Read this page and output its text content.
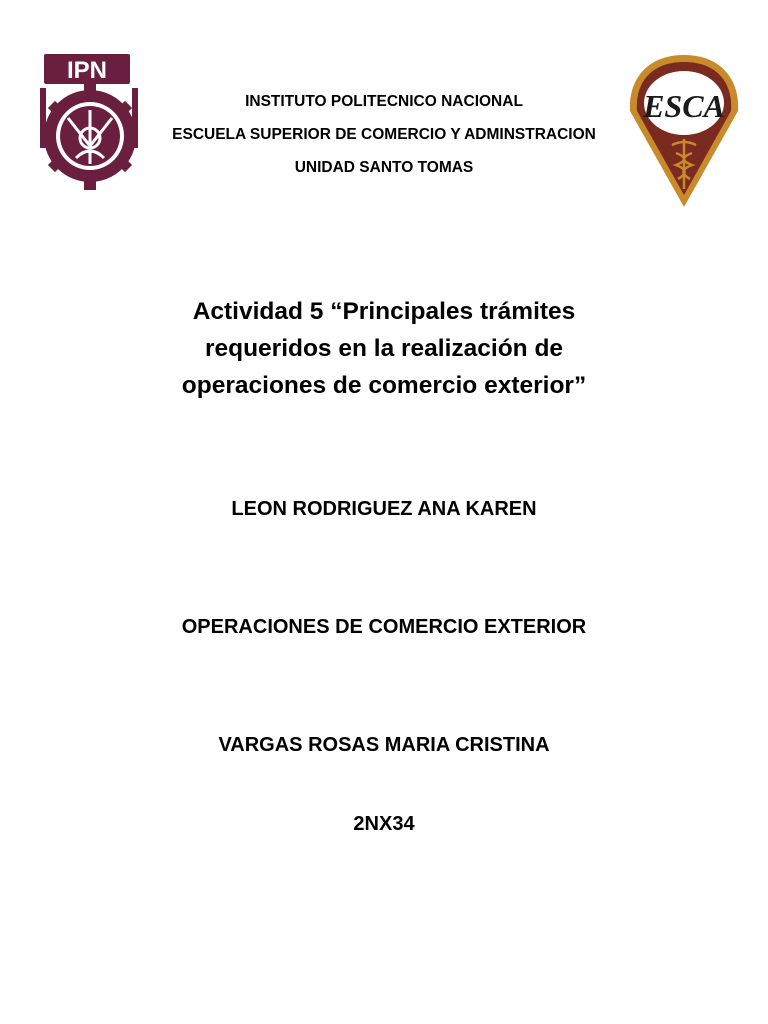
IPN
ESCA
INSTITUTO POLITECNICO NACIONAL
ESCUELA SUPERIOR DE COMERCIO Y ADMINSTRACION
UNIDAD SANTO TOMAS
Actividad 5 “Principales trámites
requeridos en la realización de
operaciones de comercio exterior”
LEON RODRIGUEZ ANA KAREN
OPERACIONES DE COMERCIO EXTERIOR
VARGAS ROSAS MARIA CRISTINA
2NX34
